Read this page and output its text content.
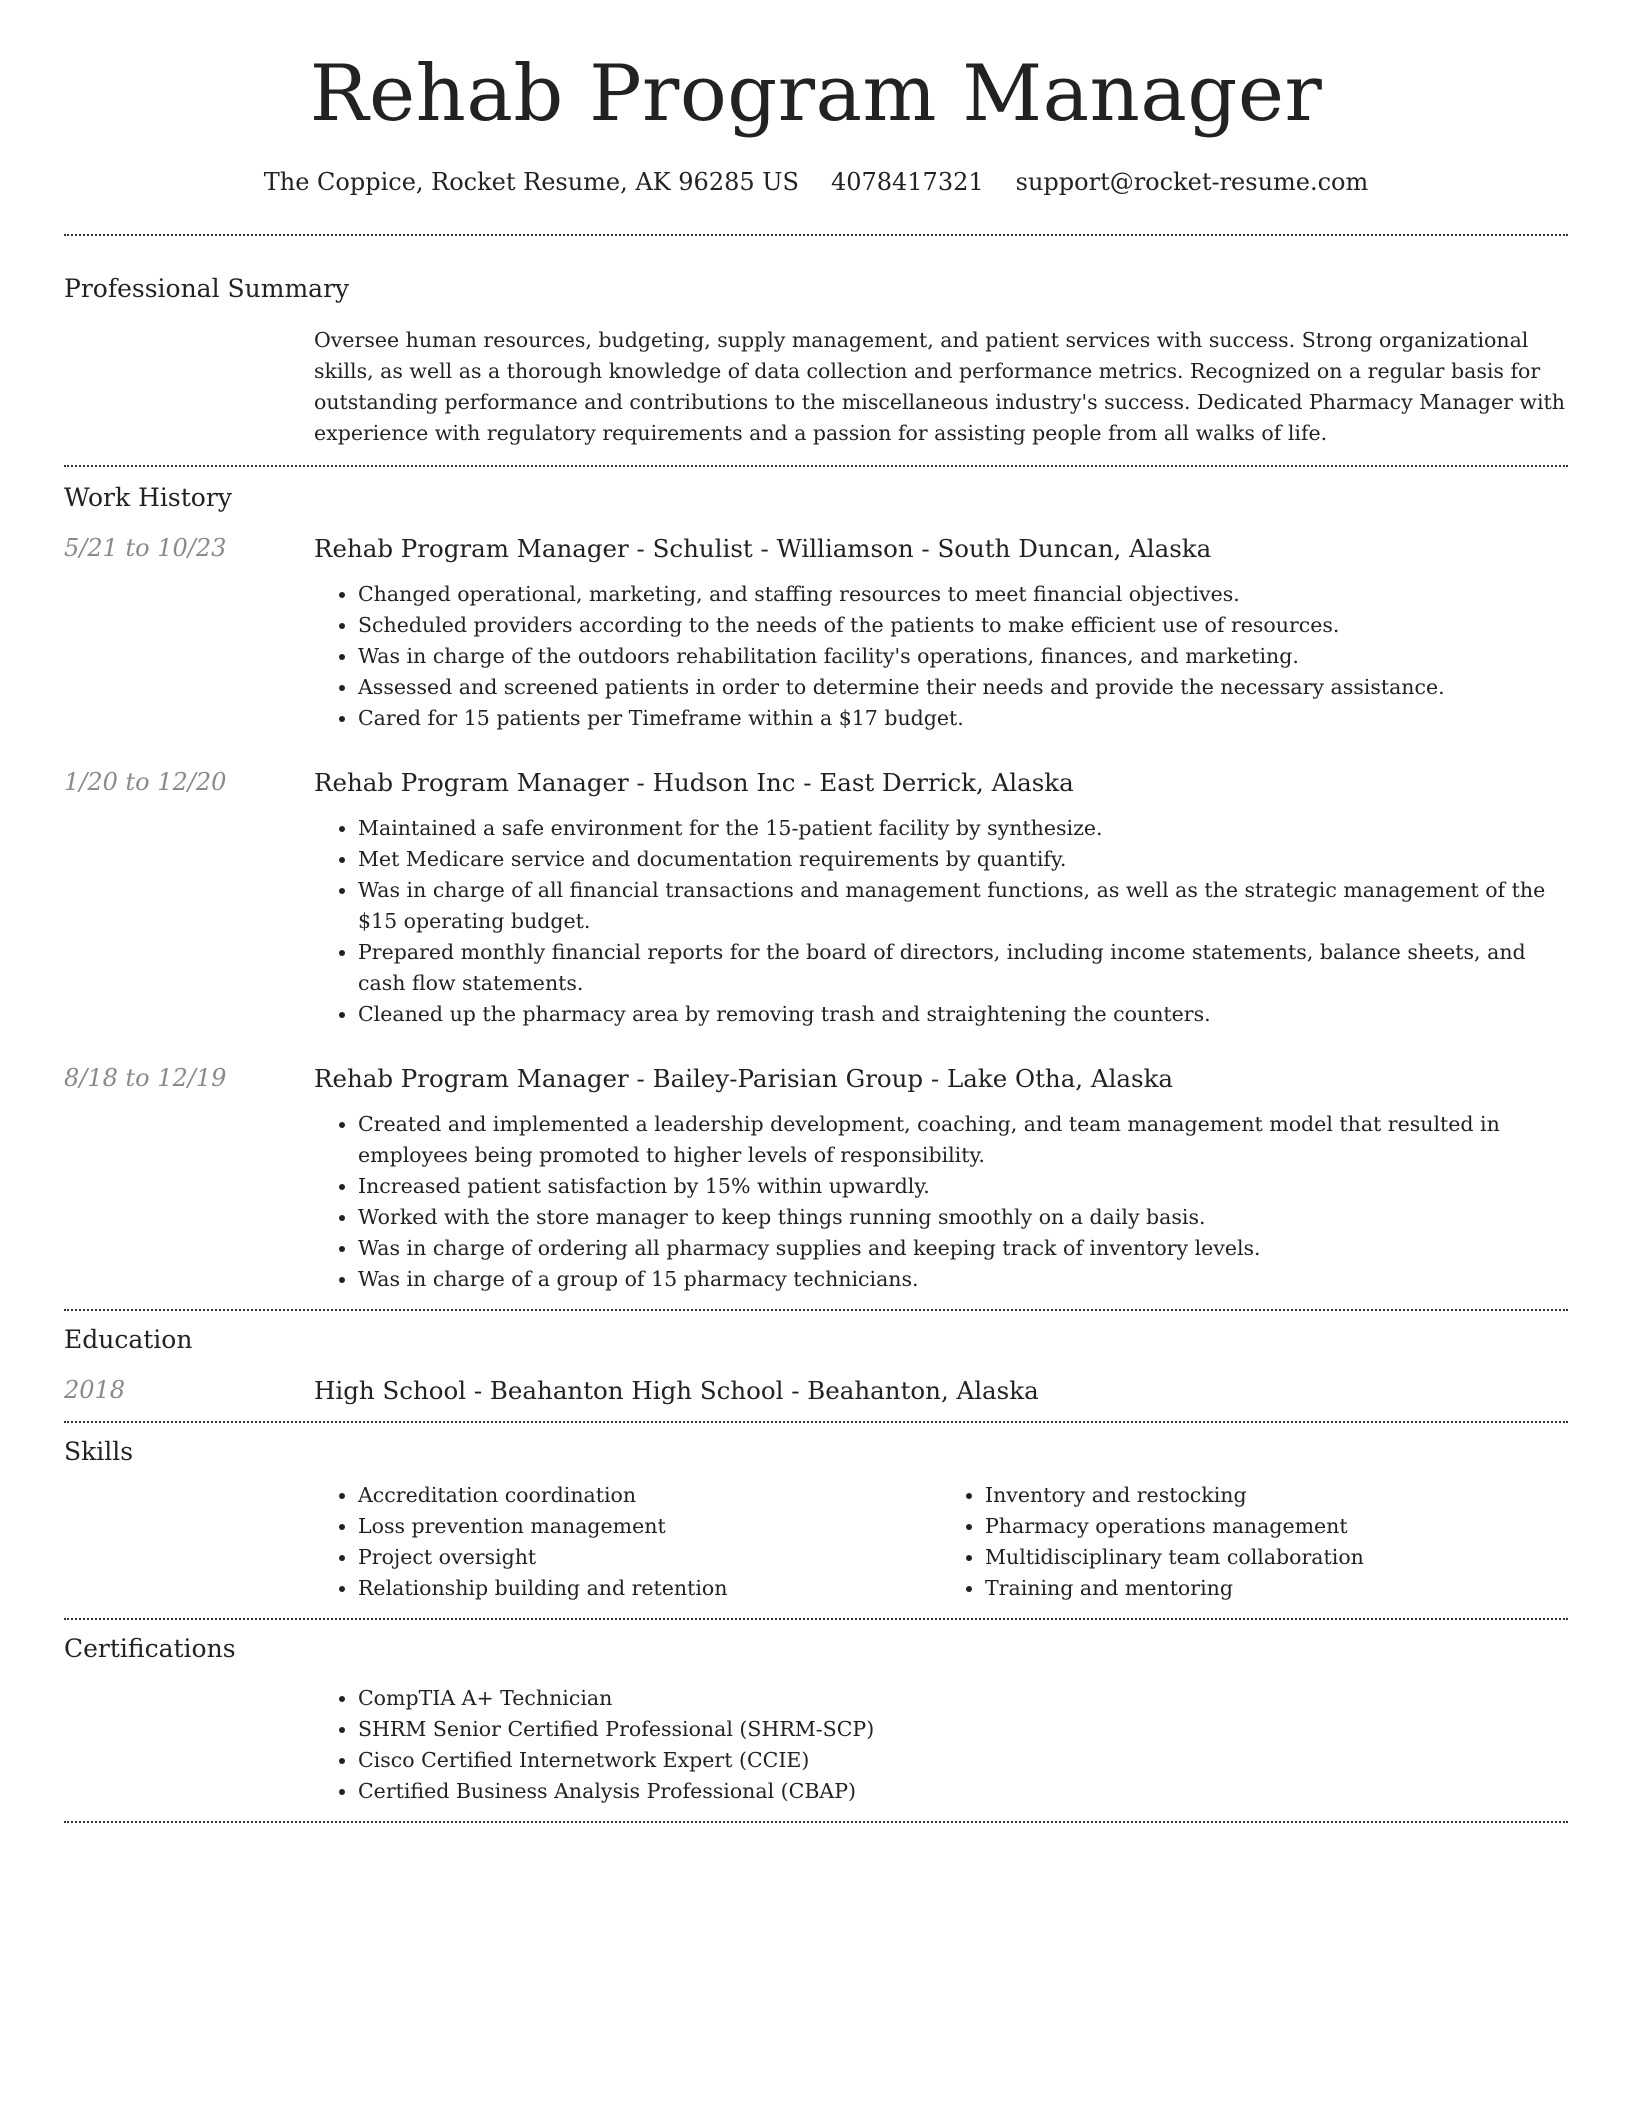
Rehab Program Manager
The Coppice, Rocket Resume, AK 96285 US 4078417321 support@rocket-resume.com
Professional Summary
Oversee human resources, budgeting, supply management, and patient services with success. Strong organizational skills, as well as a thorough knowledge of data collection and performance metrics. Recognized on a regular basis for outstanding performance and contributions to the miscellaneous industry's success. Dedicated Pharmacy Manager with experience with regulatory requirements and a passion for assisting people from all walks of life.
Work History
5/21 to 10/23	Rehab Program Manager - Schulist - Williamson - South Duncan, Alaska
• Changed operational, marketing, and staffing resources to meet financial objectives.
• Scheduled providers according to the needs of the patients to make efficient use of resources.
• Was in charge of the outdoors rehabilitation facility's operations, finances, and marketing.
• Assessed and screened patients in order to determine their needs and provide the necessary assistance.
• Cared for 15 patients per Timeframe within a $17 budget.
1/20 to 12/20	Rehab Program Manager - Hudson Inc - East Derrick, Alaska
• Maintained a safe environment for the 15-patient facility by synthesize.
• Met Medicare service and documentation requirements by quantify.
• Was in charge of all financial transactions and management functions, as well as the strategic management of the $15 operating budget.
• Prepared monthly financial reports for the board of directors, including income statements, balance sheets, and cash flow statements.
• Cleaned up the pharmacy area by removing trash and straightening the counters.
8/18 to 12/19	Rehab Program Manager - Bailey-Parisian Group - Lake Otha, Alaska
• Created and implemented a leadership development, coaching, and team management model that resulted in employees being promoted to higher levels of responsibility.
• Increased patient satisfaction by 15% within upwardly.
• Worked with the store manager to keep things running smoothly on a daily basis.
• Was in charge of ordering all pharmacy supplies and keeping track of inventory levels.
• Was in charge of a group of 15 pharmacy technicians.
Education
2018	High School - Beahanton High School - Beahanton, Alaska
Skills
• Accreditation coordination
• Loss prevention management
• Project oversight
• Relationship building and retention
• Inventory and restocking
• Pharmacy operations management
• Multidisciplinary team collaboration
• Training and mentoring
Certifications
• CompTIA A+ Technician
• SHRM Senior Certified Professional (SHRM-SCP)
• Cisco Certified Internetwork Expert (CCIE)
• Certified Business Analysis Professional (CBAP)
